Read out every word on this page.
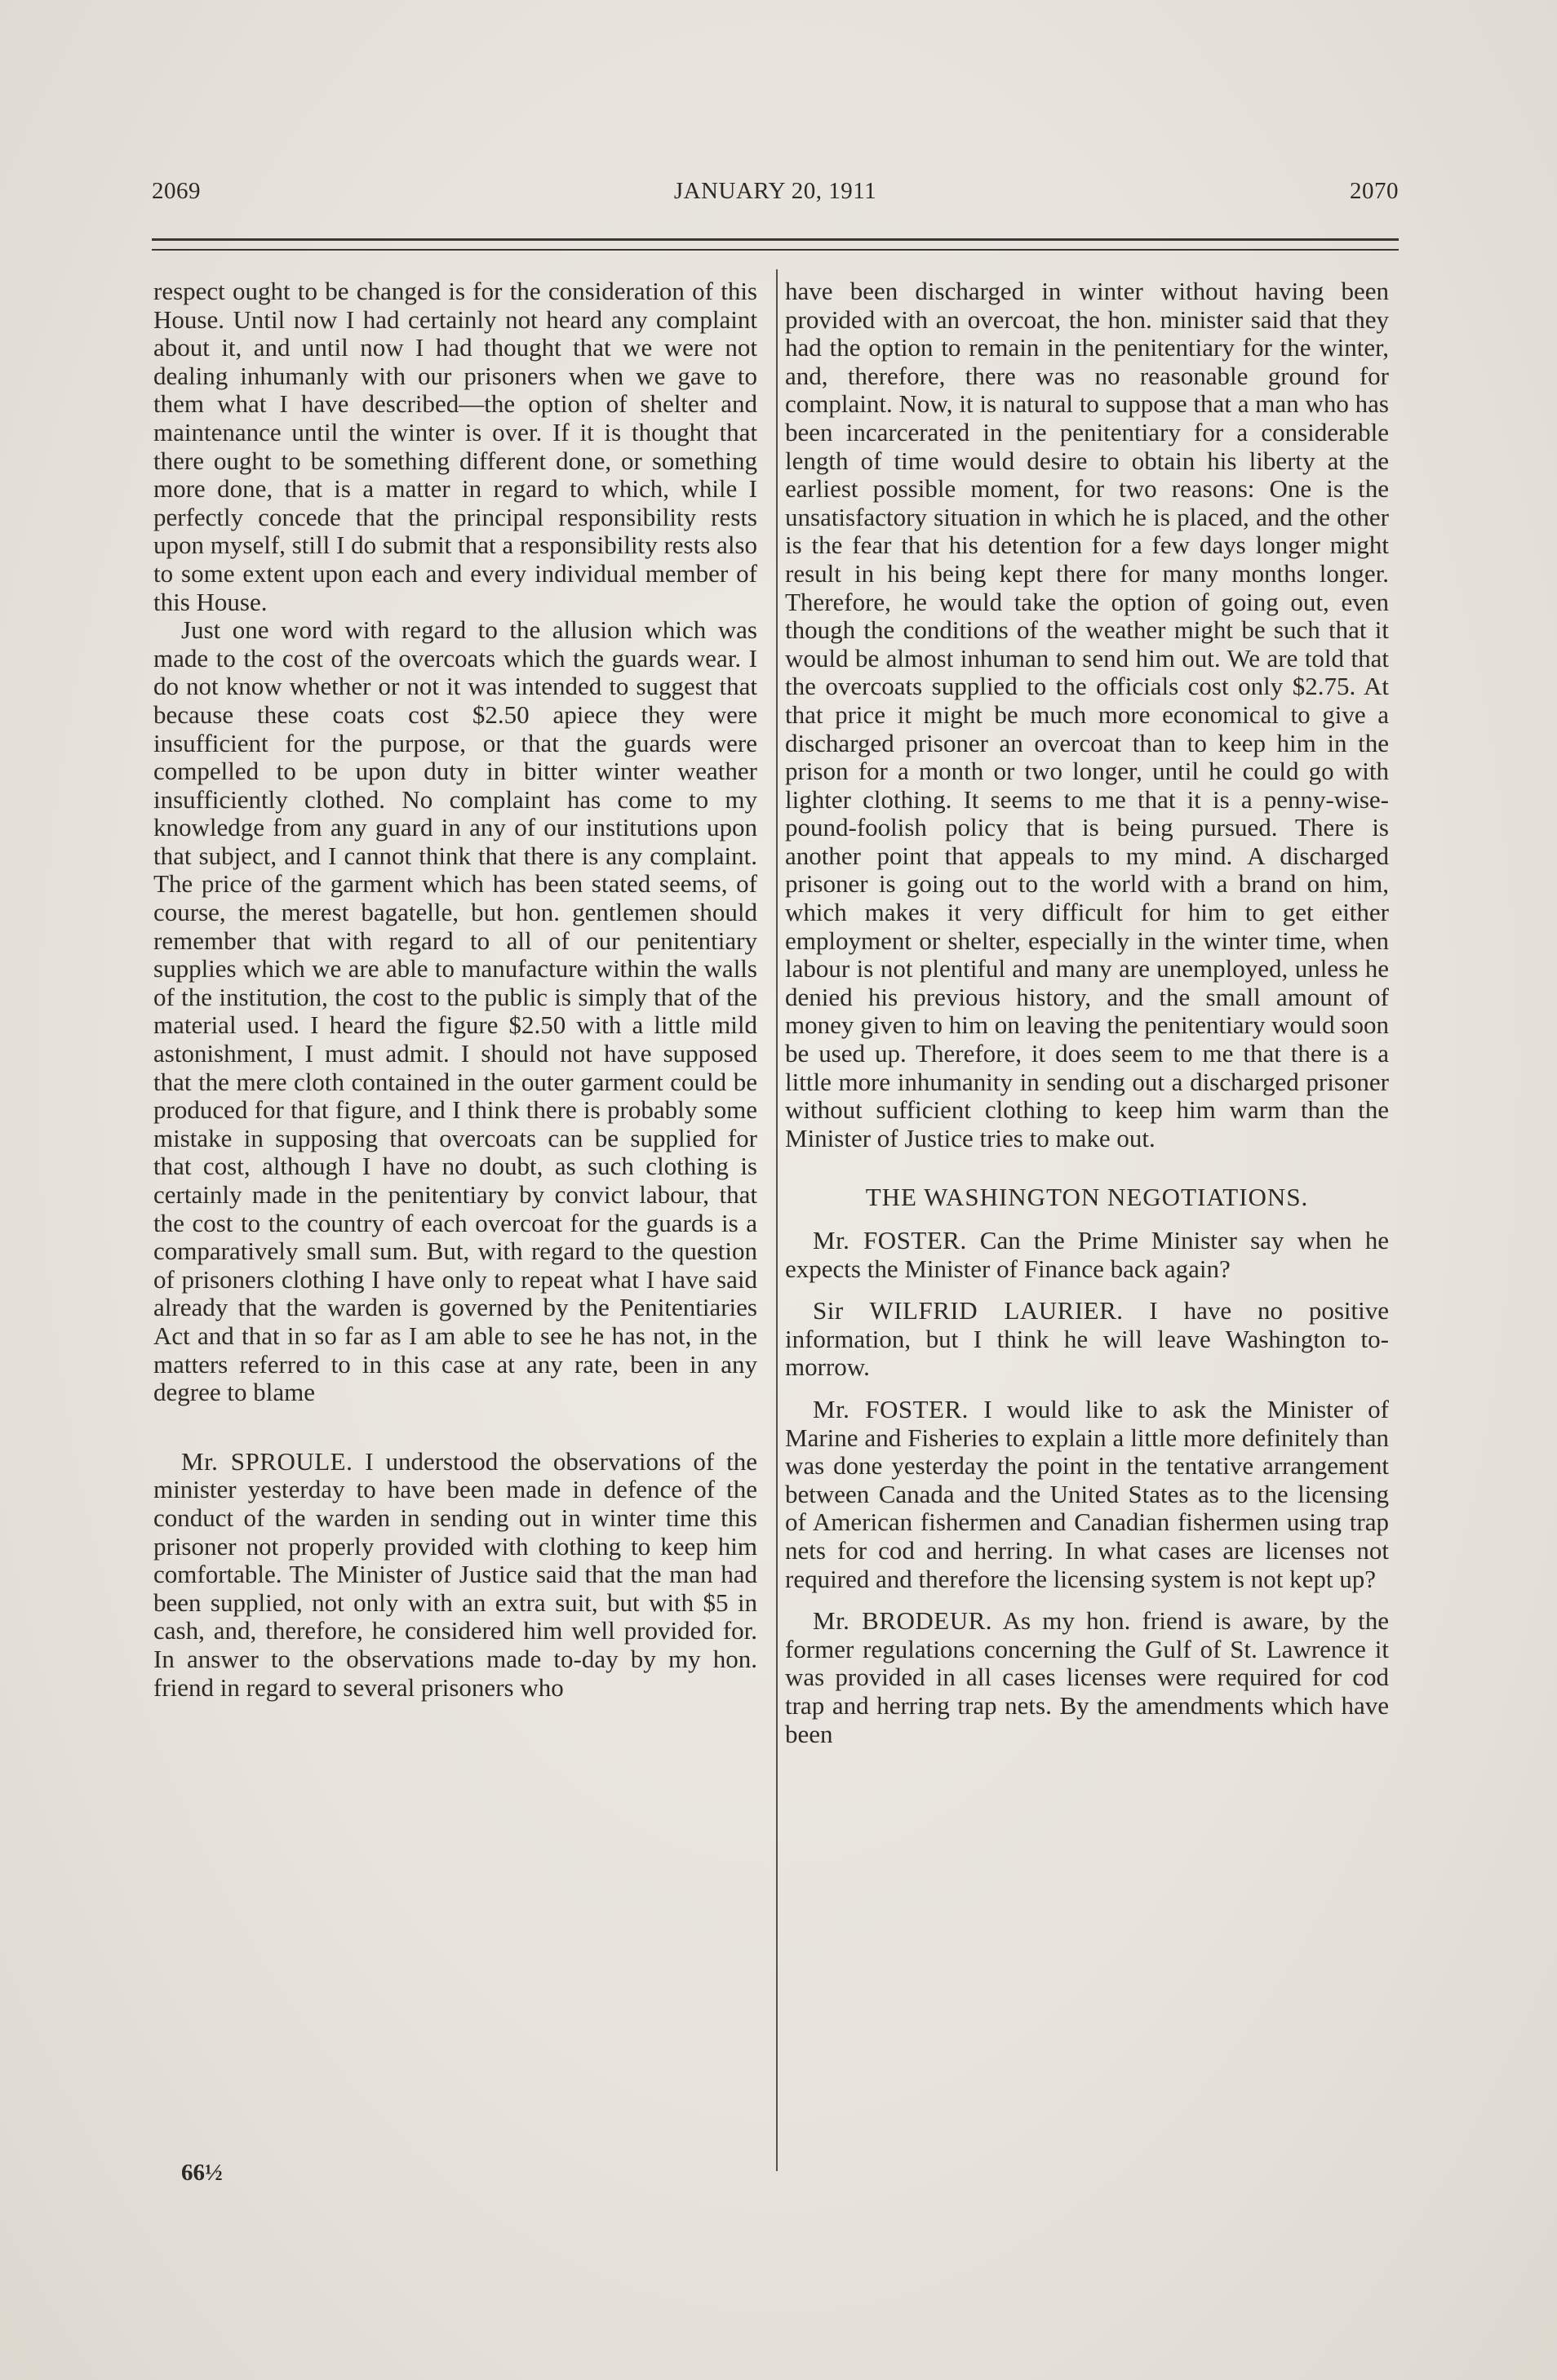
2069	JANUARY 20, 1911	2070

respect ought to be changed is for the consideration of this House. Until now I had certainly not heard any complaint about it, and until now I had thought that we were not dealing inhumanly with our prisoners when we gave to them what I have described—the option of shelter and maintenance until the winter is over. If it is thought that there ought to be something different done, or something more done, that is a matter in regard to which, while I perfectly concede that the principal responsibility rests upon myself, still I do submit that a responsibility rests also to some extent upon each and every individual member of this House.

Just one word with regard to the allusion which was made to the cost of the overcoats which the guards wear. I do not know whether or not it was intended to suggest that because these coats cost $2.50 apiece they were insufficient for the purpose, or that the guards were compelled to be upon duty in bitter winter weather insufficiently clothed. No complaint has come to my knowledge from any guard in any of our institutions upon that subject, and I cannot think that there is any complaint. The price of the garment which has been stated seems, of course, the merest bagatelle, but hon. gentlemen should remember that with regard to all of our penitentiary supplies which we are able to manufacture within the walls of the institution, the cost to the public is simply that of the material used. I heard the figure $2.50 with a little mild astonishment, I must admit. I should not have supposed that the mere cloth contained in the outer garment could be produced for that figure, and I think there is probably some mistake in supposing that overcoats can be supplied for that cost, although I have no doubt, as such clothing is certainly made in the penitentiary by convict labour, that the cost to the country of each overcoat for the guards is a comparatively small sum. But, with regard to the question of prisoners clothing I have only to repeat what I have said already that the warden is governed by the Penitentiaries Act and that in so far as I am able to see he has not, in the matters referred to in this case at any rate, been in any degree to blame

Mr. SPROULE. I understood the observations of the minister yesterday to have been made in defence of the conduct of the warden in sending out in winter time this prisoner not properly provided with clothing to keep him comfortable. The Minister of Justice said that the man had been supplied, not only with an extra suit, but with $5 in cash, and, therefore, he considered him well provided for. In answer to the observations made to-day by my hon. friend in regard to several prisoners who

have been discharged in winter without having been provided with an overcoat, the hon. minister said that they had the option to remain in the penitentiary for the winter, and, therefore, there was no reasonable ground for complaint. Now, it is natural to suppose that a man who has been incarcerated in the penitentiary for a considerable length of time would desire to obtain his liberty at the earliest possible moment, for two reasons: One is the unsatisfactory situation in which he is placed, and the other is the fear that his detention for a few days longer might result in his being kept there for many months longer. Therefore, he would take the option of going out, even though the conditions of the weather might be such that it would be almost inhuman to send him out. We are told that the overcoats supplied to the officials cost only $2.75. At that price it might be much more economical to give a discharged prisoner an overcoat than to keep him in the prison for a month or two longer, until he could go with lighter clothing. It seems to me that it is a penny-wise-pound-foolish policy that is being pursued. There is another point that appeals to my mind. A discharged prisoner is going out to the world with a brand on him, which makes it very difficult for him to get either employment or shelter, especially in the winter time, when labour is not plentiful and many are unemployed, unless he denied his previous history, and the small amount of money given to him on leaving the penitentiary would soon be used up. Therefore, it does seem to me that there is a little more inhumanity in sending out a discharged prisoner without sufficient clothing to keep him warm than the Minister of Justice tries to make out.

THE WASHINGTON NEGOTIATIONS.

Mr. FOSTER. Can the Prime Minister say when he expects the Minister of Finance back again?

Sir WILFRID LAURIER. I have no positive information, but I think he will leave Washington to-morrow.

Mr. FOSTER. I would like to ask the Minister of Marine and Fisheries to explain a little more definitely than was done yesterday the point in the tentative arrangement between Canada and the United States as to the licensing of American fishermen and Canadian fishermen using trap nets for cod and herring. In what cases are licenses not required and therefore the licensing system is not kept up?

Mr. BRODEUR. As my hon. friend is aware, by the former regulations concerning the Gulf of St. Lawrence it was provided in all cases licenses were required for cod trap and herring trap nets. By the amendments which have been

66½
